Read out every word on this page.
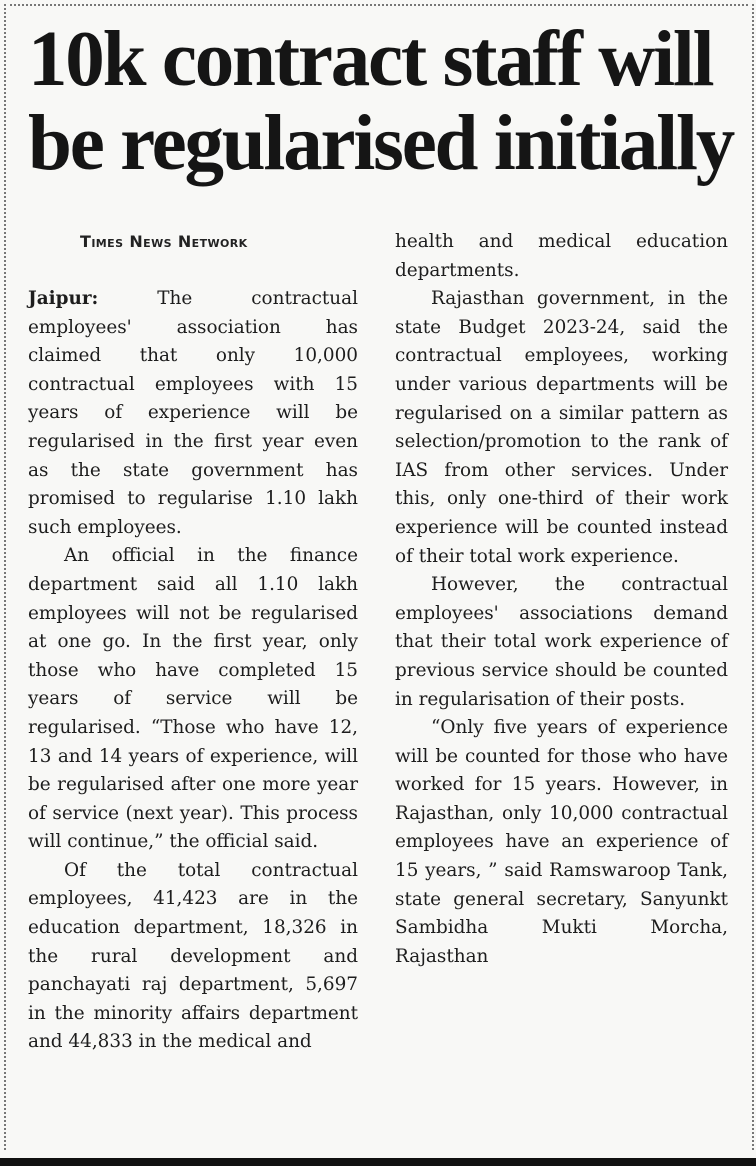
10k contract staff will
be regularised initially
Times News Network

Jaipur:	The contractual employees' association has claimed that only 10,000 contractual employees with 15 years of experience will be regularised in the first year even as the state government has promised to regularise 1.10 lakh such employees.

An official in the finance department said all 1.10 lakh employees will not be regularised at one go. In the first year, only those who have completed 15 years of service will be regularised. “Those who have 12, 13 and 14 years of experience, will be regularised after one more year of service (next year). This process will continue,” the official said.

Of the total contractual employees, 41,423 are in the education department, 18,326 in the rural development and panchayati raj department, 5,697 in the minority affairs department and 44,833 in the medical and

health and medical education departments.

Rajasthan government, in the state Budget 2023-24, said the contractual employees, working under various departments will be regularised on a similar pattern as selection/promotion to the rank of IAS from other services. Under this, only one-third of their work experience will be counted instead of their total work experience.

However, the contractual employees' associations demand that their total work experience of previous service should be counted in regularisation of their posts.

“Only five years of experience will be counted for those who have worked for 15 years. However, in Rajasthan, only 10,000 contractual employees have an experience of 15 years, ” said Ramswaroop Tank, state general secretary, Sanyunkt Sambidha Mukti Morcha, Rajasthan
